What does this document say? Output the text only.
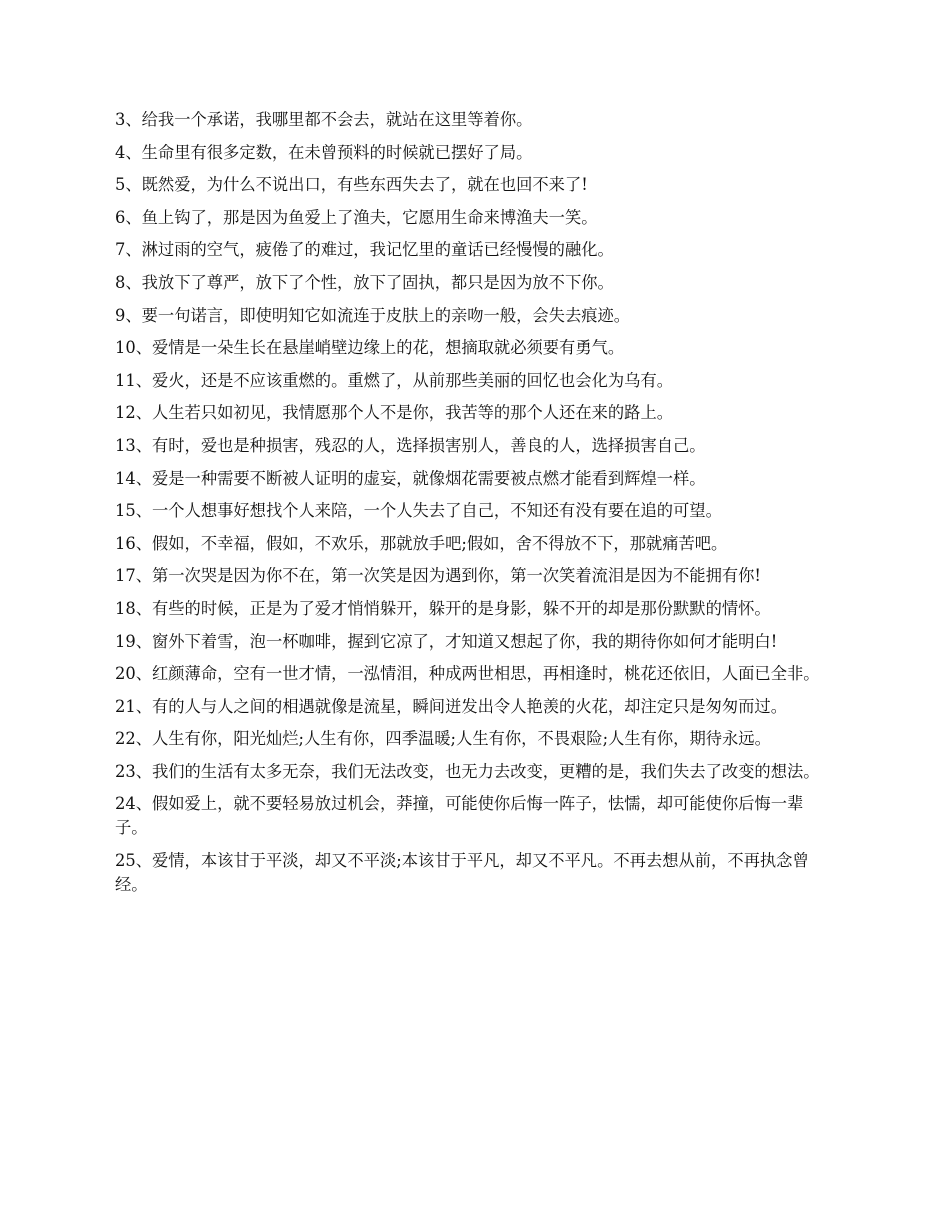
3、给我一个承诺，我哪里都不会去，就站在这里等着你。

4、生命里有很多定数，在未曾预料的时候就已摆好了局。

5、既然爱，为什么不说出口，有些东西失去了，就在也回不来了!

6、鱼上钩了，那是因为鱼爱上了渔夫，它愿用生命来博渔夫一笑。

7、淋过雨的空气，疲倦了的难过，我记忆里的童话已经慢慢的融化。

8、我放下了尊严，放下了个性，放下了固执，都只是因为放不下你。

9、要一句诺言，即使明知它如流连于皮肤上的亲吻一般，会失去痕迹。

10、爱情是一朵生长在悬崖峭壁边缘上的花，想摘取就必须要有勇气。

11、爱火，还是不应该重燃的。重燃了，从前那些美丽的回忆也会化为乌有。

12、人生若只如初见，我情愿那个人不是你，我苦等的那个人还在来的路上。

13、有时，爱也是种损害，残忍的人，选择损害别人，善良的人，选择损害自己。

14、爱是一种需要不断被人证明的虚妄，就像烟花需要被点燃才能看到辉煌一样。

15、一个人想事好想找个人来陪，一个人失去了自己，不知还有没有要在追的可望。

16、假如，不幸福，假如，不欢乐，那就放手吧;假如，舍不得放不下，那就痛苦吧。

17、第一次哭是因为你不在，第一次笑是因为遇到你，第一次笑着流泪是因为不能拥有你!

18、有些的时候，正是为了爱才悄悄躲开，躲开的是身影，躲不开的却是那份默默的情怀。

19、窗外下着雪，泡一杯咖啡，握到它凉了，才知道又想起了你，我的期待你如何才能明白!

20、红颜薄命，空有一世才情，一泓情泪，种成两世相思，再相逢时，桃花还依旧，人面已全非。

21、有的人与人之间的相遇就像是流星，瞬间迸发出令人艳羡的火花，却注定只是匆匆而过。

22、人生有你，阳光灿烂;人生有你，四季温暖;人生有你，不畏艰险;人生有你，期待永远。

23、我们的生活有太多无奈，我们无法改变，也无力去改变，更糟的是，我们失去了改变的想法。

24、假如爱上，就不要轻易放过机会，莽撞，可能使你后悔一阵子，怯懦，却可能使你后悔一辈子。

25、爱情，本该甘于平淡，却又不平淡;本该甘于平凡，却又不平凡。不再去想从前，不再执念曾经。
